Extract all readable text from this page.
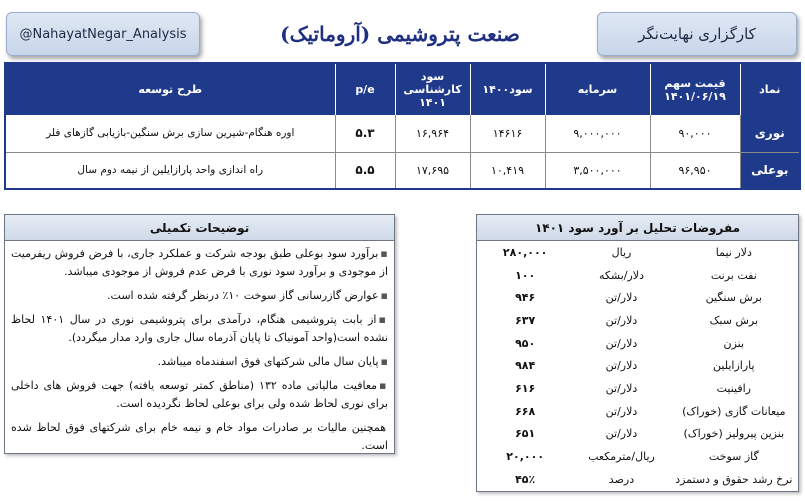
@NahayatNegar_Analysis	صنعت پتروشیمی (آروماتیک)	کارگزاری نهایت‌نگر
نماد	قیمت سهم ۱۴۰۱/۰۶/۱۹	سرمایه	سود۱۴۰۰	سود کارشناسی ۱۴۰۱	p/e	طرح توسعه
نوری	۹۰,۰۰۰	۹,۰۰۰,۰۰۰	۱۴۶۱۶	۱۶,۹۶۴	۵.۳	اوره هنگام-شیرین سازی برش سنگین-بازیابی گازهای فلر
بوعلی	۹۶,۹۵۰	۳,۵۰۰,۰۰۰	۱۰,۴۱۹	۱۷,۶۹۵	۵.۵	راه اندازی واحد پارازایلین از نیمه دوم سال
توضیحات تکمیلی

▪برآورد سود بوعلی طبق بودجه شرکت و عملکرد جاری، با فرض فروش ریفرمیت از موجودی و برآورد سود نوری با فرض عدم فروش از موجودی میباشد.

▪عوارض گازرسانی گاز سوخت ۱۰٪ درنظر گرفته شده است.

▪از بابت پتروشیمی هنگام، درآمدی برای پتروشیمی نوری در سال ۱۴۰۱ لحاظ نشده است(واحد آمونیاک تا پایان آذرماه سال جاری وارد مدار میگردد).

▪پایان سال مالی شرکتهای فوق اسفندماه میباشد.

▪معافیت مالیاتی ماده ۱۳۲ (مناطق کمتر توسعه یافته) جهت فروش های داخلی برای نوری لحاظ شده ولی برای بوعلی لحاظ نگردیده است.

همچنین مالیات بر صادرات مواد خام و نیمه خام برای شرکتهای فوق لحاظ شده است.

مفروضات تحلیل بر آورد سود ۱۴۰۱
دلار نیما	ریال	۲۸۰,۰۰۰
نفت برنت	دلار/بشکه	۱۰۰
برش سنگین	دلار/تن	۹۴۶
برش سبک	دلار/تن	۶۳۷
بنزن	دلار/تن	۹۵۰
پارازایلین	دلار/تن	۹۸۴
رافینیت	دلار/تن	۶۱۶
میعانات گازی (خوراک)	دلار/تن	۶۶۸
بنزین پیرولیز (خوراک)	دلار/تن	۶۵۱
گاز سوخت	ریال/مترمکعب	۲۰,۰۰۰
نرخ رشد حقوق و دستمزد	درصد	۴۵٪
